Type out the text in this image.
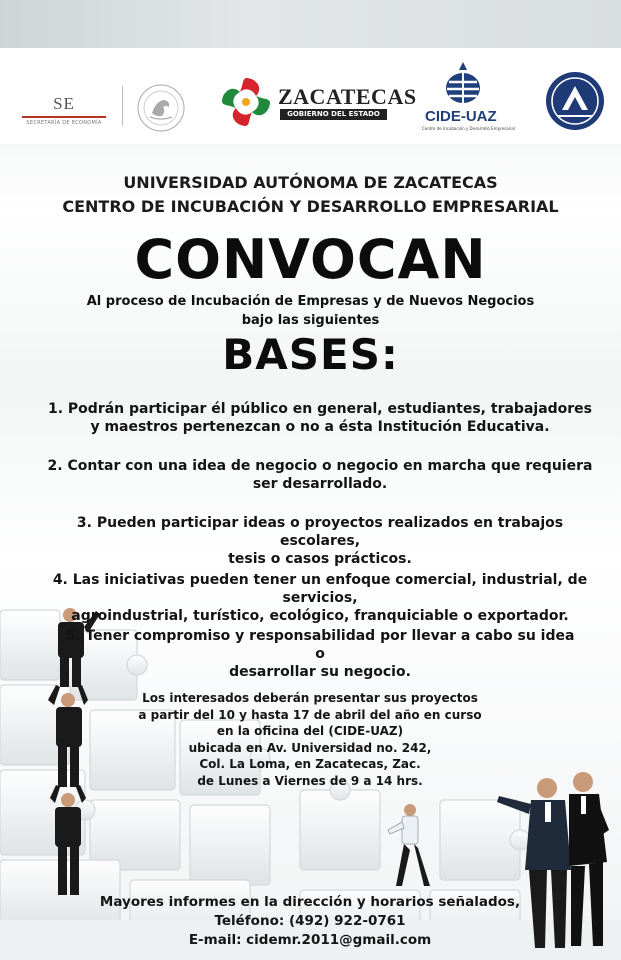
SE
SECRETARÍA DE ECONOMÍA
ZACATECAS
GOBIERNO DEL ESTADO	CIDE-UAZ
Centro de Incubación y Desarrollo Empresarial
UNIVERSIDAD AUTÓNOMA DE ZACATECAS
CENTRO DE INCUBACIÓN Y DESARROLLO EMPRESARIAL
CONVOCAN
Al proceso de Incubación de Empresas y de Nuevos Negocios
bajo las siguientes
BASES:
1. Podrán participar él público en general, estudiantes, trabajadores
y maestros pertenezcan o no a ésta Institución Educativa.
2. Contar con una idea de negocio o negocio en marcha que requiera
ser desarrollado.
3. Pueden participar ideas o proyectos realizados en trabajos escolares,
tesis o casos prácticos.
4. Las iniciativas pueden tener un enfoque comercial, industrial, de servicios,
agroindustrial, turístico, ecológico, franquiciable o exportador.
5. Tener compromiso y responsabilidad por llevar a cabo su idea o
desarrollar su negocio.
Los interesados deberán presentar sus proyectos
a partir del 10 y hasta 17 de abril del año en curso
en la oficina del (CIDE-UAZ)
ubicada en Av. Universidad no. 242,
Col. La Loma, en Zacatecas, Zac.
de Lunes a Viernes de 9 a 14 hrs.
Mayores informes en la dirección y horarios señalados,
Teléfono: (492) 922-0761
E-mail: cidemr.2011@gmail.com
